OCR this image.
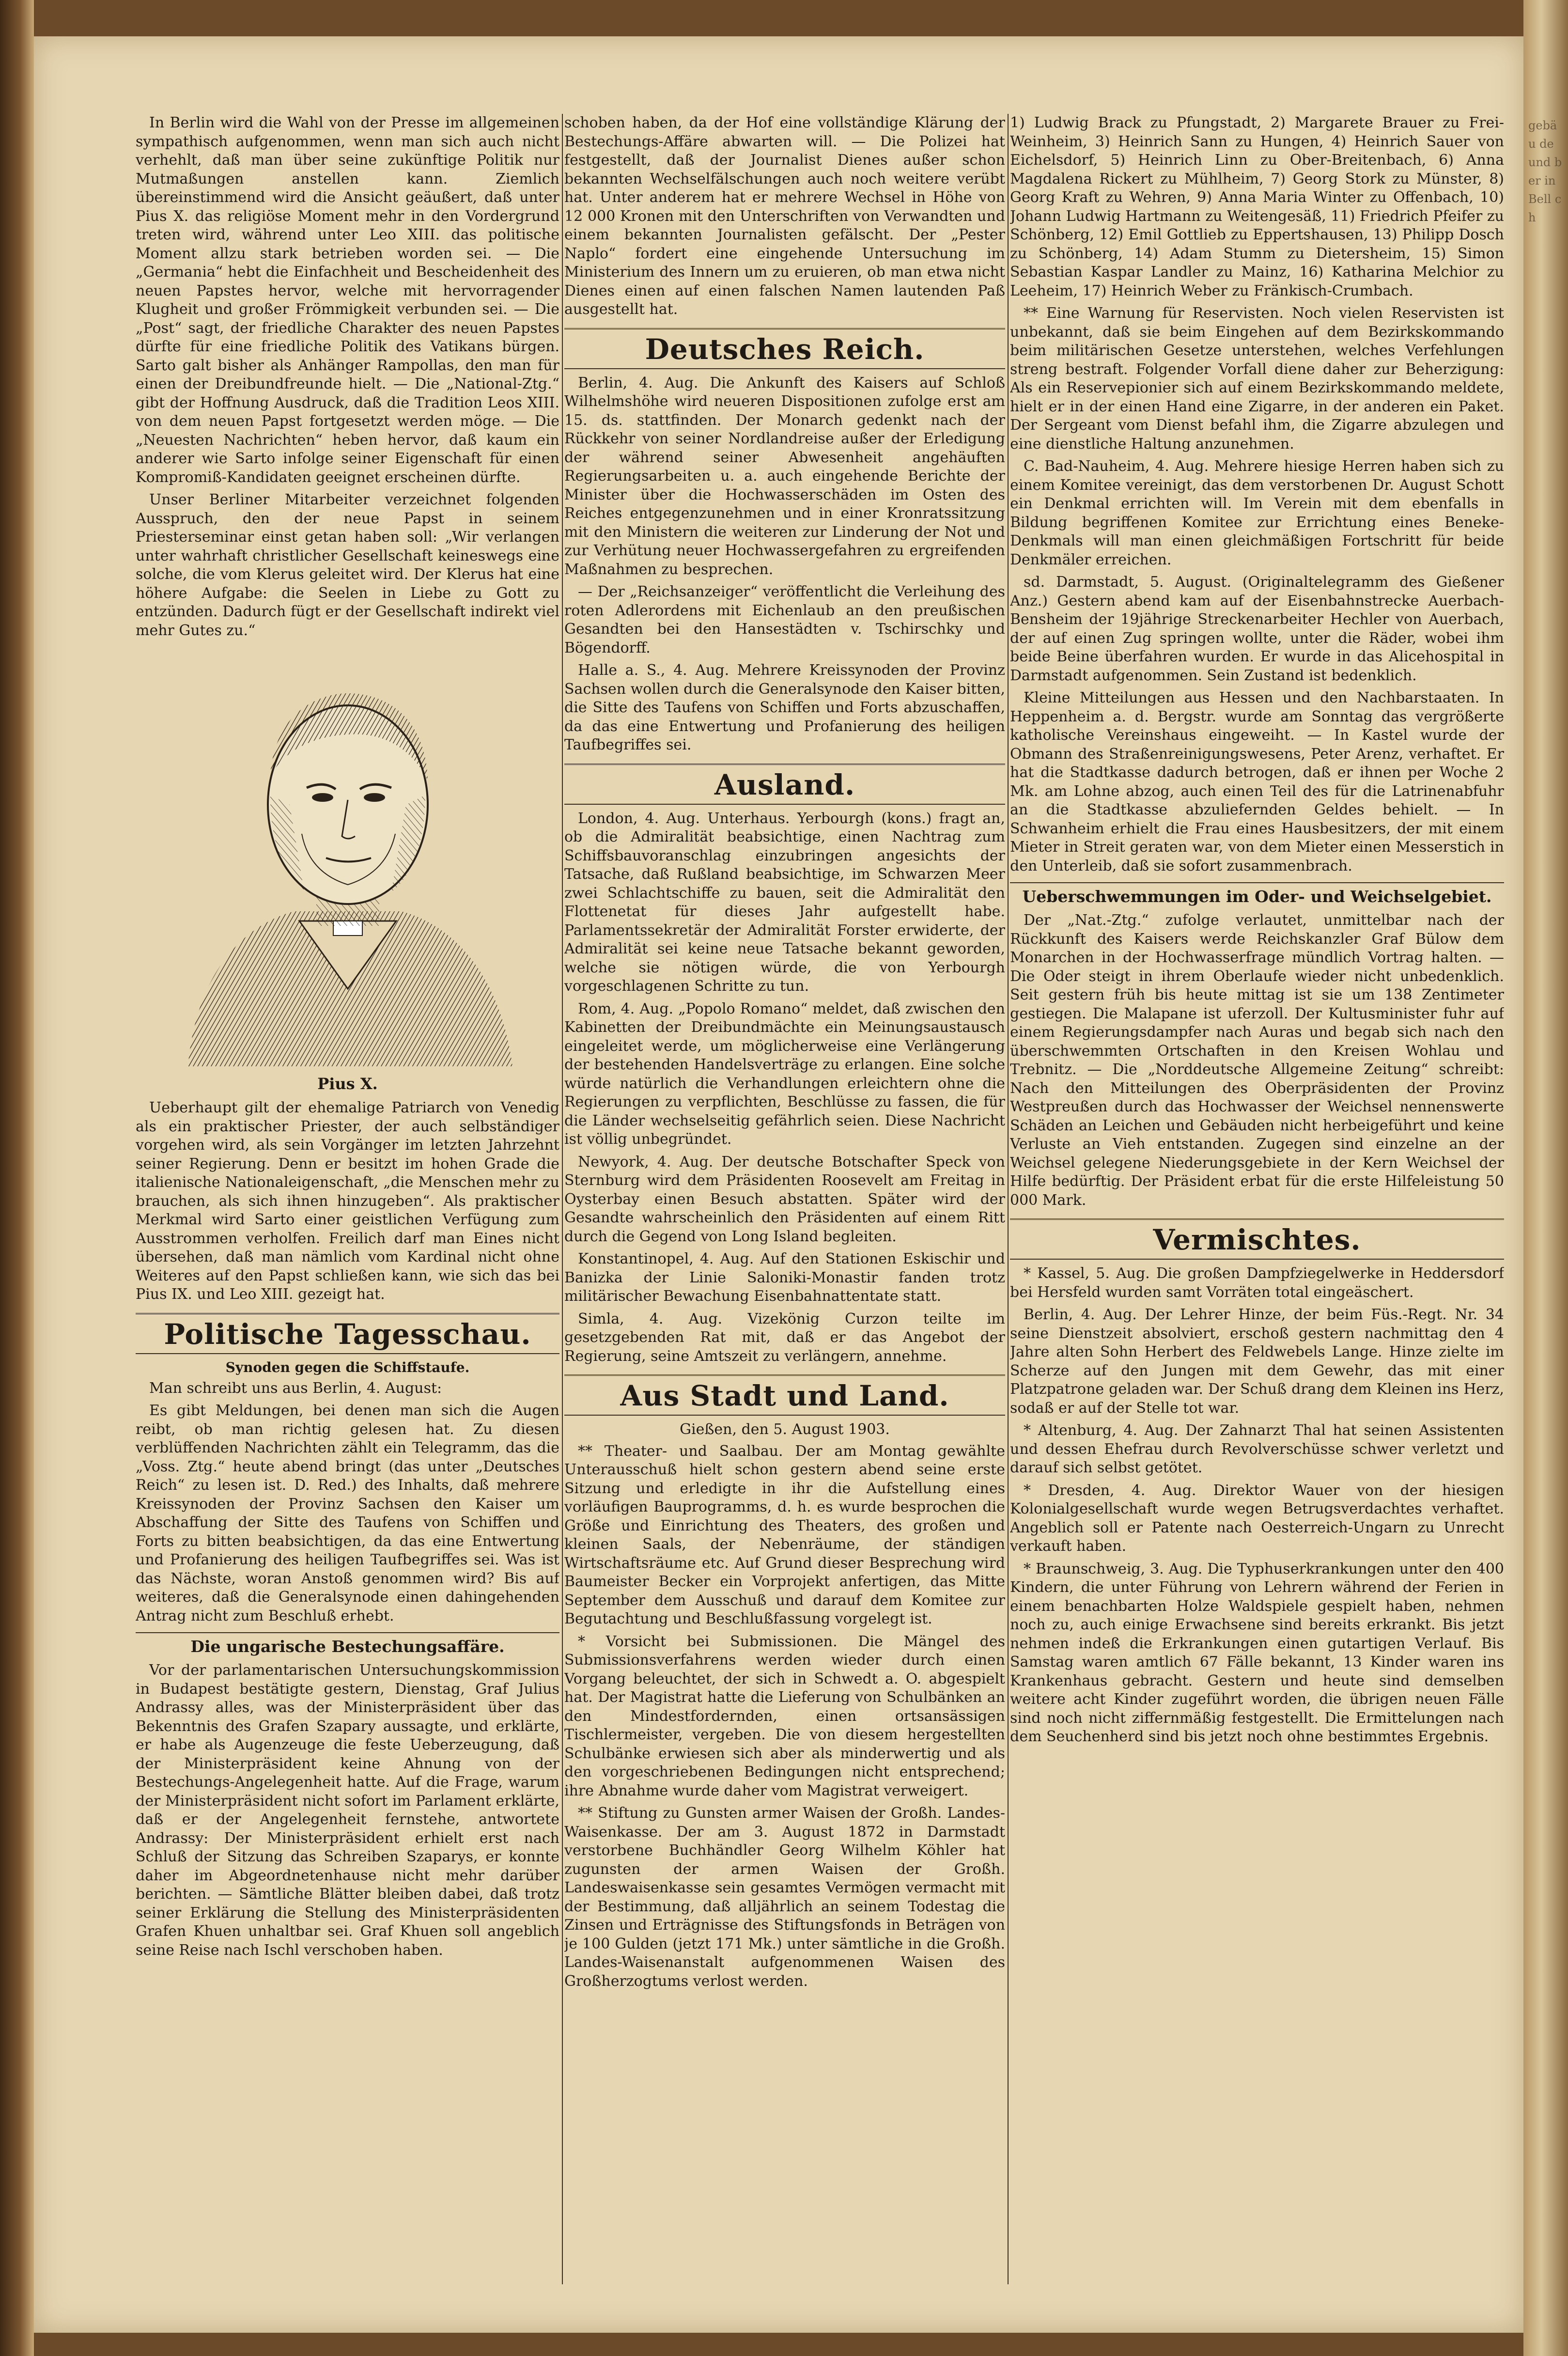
In Berlin wird die Wahl von der Presse im allgemeinen sympathisch aufgenommen, wenn man sich auch nicht verhehlt, daß man über seine zukünftige Politik nur Mutmaßungen anstellen kann. Ziemlich übereinstimmend wird die Ansicht geäußert, daß unter Pius X. das religiöse Moment mehr in den Vordergrund treten wird, während unter Leo XIII. das politische Moment allzu stark betrieben worden sei. — Die „Germania“ hebt die Einfachheit und Bescheidenheit des neuen Papstes hervor, welche mit hervorragender Klugheit und großer Frömmigkeit verbunden sei. — Die „Post“ sagt, der friedliche Charakter des neuen Papstes dürfte für eine friedliche Politik des Vatikans bürgen. Sarto galt bisher als Anhänger Rampollas, den man für einen der Dreibundfreunde hielt. — Die „National-Ztg.“ gibt der Hoffnung Ausdruck, daß die Tradition Leos XIII. von dem neuen Papst fortgesetzt werden möge. — Die „Neuesten Nachrichten“ heben hervor, daß kaum ein anderer wie Sarto infolge seiner Eigenschaft für einen Kompromiß-Kandidaten geeignet erscheinen dürfte.

Unser Berliner Mitarbeiter verzeichnet folgenden Ausspruch, den der neue Papst in seinem Priesterseminar einst getan haben soll: „Wir verlangen unter wahrhaft christlicher Gesellschaft keineswegs eine solche, die vom Klerus geleitet wird. Der Klerus hat eine höhere Aufgabe: die Seelen in Liebe zu Gott zu entzünden. Dadurch fügt er der Gesellschaft indirekt viel mehr Gutes zu.“

Pius X.

Ueberhaupt gilt der ehemalige Patriarch von Venedig als ein praktischer Priester, der auch selbständiger vorgehen wird, als sein Vorgänger im letzten Jahrzehnt seiner Regierung. Denn er besitzt im hohen Grade die italienische Nationaleigenschaft, „die Menschen mehr zu brauchen, als sich ihnen hinzugeben“. Als praktischer Merkmal wird Sarto einer geistlichen Verfügung zum Ausstrommen verholfen. Freilich darf man Eines nicht übersehen, daß man nämlich vom Kardinal nicht ohne Weiteres auf den Papst schließen kann, wie sich das bei Pius IX. und Leo XIII. gezeigt hat.

Politische Tagesschau.
Synoden gegen die Schiffstaufe.

Man schreibt uns aus Berlin, 4. August:

Es gibt Meldungen, bei denen man sich die Augen reibt, ob man richtig gelesen hat. Zu diesen verblüffenden Nachrichten zählt ein Telegramm, das die „Voss. Ztg.“ heute abend bringt (das unter „Deutsches Reich“ zu lesen ist. D. Red.) des Inhalts, daß mehrere Kreissynoden der Provinz Sachsen den Kaiser um Abschaffung der Sitte des Taufens von Schiffen und Forts zu bitten beabsichtigen, da das eine Entwertung und Profanierung des heiligen Taufbegriffes sei. Was ist das Nächste, woran Anstoß genommen wird? Bis auf weiteres, daß die Generalsynode einen dahingehenden Antrag nicht zum Beschluß erhebt.

Die ungarische Bestechungsaffäre.

Vor der parlamentarischen Untersuchungskommission in Budapest bestätigte gestern, Dienstag, Graf Julius Andrassy alles, was der Ministerpräsident über das Bekenntnis des Grafen Szapary aussagte, und erklärte, er habe als Augenzeuge die feste Ueberzeugung, daß der Ministerpräsident keine Ahnung von der Bestechungs-Angelegenheit hatte. Auf die Frage, warum der Ministerpräsident nicht sofort im Parlament erklärte, daß er der Angelegenheit fernstehe, antwortete Andrassy: Der Ministerpräsident erhielt erst nach Schluß der Sitzung das Schreiben Szaparys, er konnte daher im Abgeordnetenhause nicht mehr darüber berichten. — Sämtliche Blätter bleiben dabei, daß trotz seiner Erklärung die Stellung des Ministerpräsidenten Grafen Khuen unhaltbar sei. Graf Khuen soll angeblich seine Reise nach Ischl verschoben haben.

schoben haben, da der Hof eine vollständige Klärung der Bestechungs-Affäre abwarten will. — Die Polizei hat festgestellt, daß der Journalist Dienes außer schon bekannten Wechselfälschungen auch noch weitere verübt hat. Unter anderem hat er mehrere Wechsel in Höhe von 12 000 Kronen mit den Unterschriften von Verwandten und einem bekannten Journalisten gefälscht. Der „Pester Naplo“ fordert eine eingehende Untersuchung im Ministerium des Innern um zu eruieren, ob man etwa nicht Dienes einen auf einen falschen Namen lautenden Paß ausgestellt hat.

Deutsches Reich.

Berlin, 4. Aug. Die Ankunft des Kaisers auf Schloß Wilhelmshöhe wird neueren Dispositionen zufolge erst am 15. ds. stattfinden. Der Monarch gedenkt nach der Rückkehr von seiner Nordlandreise außer der Erledigung der während seiner Abwesenheit angehäuften Regierungsarbeiten u. a. auch eingehende Berichte der Minister über die Hochwasserschäden im Osten des Reiches entgegenzunehmen und in einer Kronratssitzung mit den Ministern die weiteren zur Linderung der Not und zur Verhütung neuer Hochwassergefahren zu ergreifenden Maßnahmen zu besprechen.

— Der „Reichsanzeiger“ veröffentlicht die Verleihung des roten Adlerordens mit Eichenlaub an den preußischen Gesandten bei den Hansestädten v. Tschirschky und Bögendorff.

Halle a. S., 4. Aug. Mehrere Kreissynoden der Provinz Sachsen wollen durch die Generalsynode den Kaiser bitten, die Sitte des Taufens von Schiffen und Forts abzuschaffen, da das eine Entwertung und Profanierung des heiligen Taufbegriffes sei.

Ausland.

London, 4. Aug. Unterhaus. Yerbourgh (kons.) fragt an, ob die Admiralität beabsichtige, einen Nachtrag zum Schiffsbauvoranschlag einzubringen angesichts der Tatsache, daß Rußland beabsichtige, im Schwarzen Meer zwei Schlachtschiffe zu bauen, seit die Admiralität den Flottenetat für dieses Jahr aufgestellt habe. Parlamentssekretär der Admiralität Forster erwiderte, der Admiralität sei keine neue Tatsache bekannt geworden, welche sie nötigen würde, die von Yerbourgh vorgeschlagenen Schritte zu tun.

Rom, 4. Aug. „Popolo Romano“ meldet, daß zwischen den Kabinetten der Dreibundmächte ein Meinungsaustausch eingeleitet werde, um möglicherweise eine Verlängerung der bestehenden Handelsverträge zu erlangen. Eine solche würde natürlich die Verhandlungen erleichtern ohne die Regierungen zu verpflichten, Beschlüsse zu fassen, die für die Länder wechselseitig gefährlich seien. Diese Nachricht ist völlig unbegründet.

Newyork, 4. Aug. Der deutsche Botschafter Speck von Sternburg wird dem Präsidenten Roosevelt am Freitag in Oysterbay einen Besuch abstatten. Später wird der Gesandte wahrscheinlich den Präsidenten auf einem Ritt durch die Gegend von Long Island begleiten.

Konstantinopel, 4. Aug. Auf den Stationen Eskischir und Banizka der Linie Saloniki-Monastir fanden trotz militärischer Bewachung Eisenbahnattentate statt.

Simla, 4. Aug. Vizekönig Curzon teilte im gesetzgebenden Rat mit, daß er das Angebot der Regierung, seine Amtszeit zu verlängern, annehme.

Aus Stadt und Land.
Gießen, den 5. August 1903.

** Theater- und Saalbau. Der am Montag gewählte Unterausschuß hielt schon gestern abend seine erste Sitzung und erledigte in ihr die Aufstellung eines vorläufigen Bauprogramms, d. h. es wurde besprochen die Größe und Einrichtung des Theaters, des großen und kleinen Saals, der Nebenräume, der ständigen Wirtschaftsräume etc. Auf Grund dieser Besprechung wird Baumeister Becker ein Vorprojekt anfertigen, das Mitte September dem Ausschuß und darauf dem Komitee zur Begutachtung und Beschlußfassung vorgelegt ist.

* Vorsicht bei Submissionen. Die Mängel des Submissionsverfahrens werden wieder durch einen Vorgang beleuchtet, der sich in Schwedt a. O. abgespielt hat. Der Magistrat hatte die Lieferung von Schulbänken an den Mindestfordernden, einen ortsansässigen Tischlermeister, vergeben. Die von diesem hergestellten Schulbänke erwiesen sich aber als minderwertig und als den vorgeschriebenen Bedingungen nicht entsprechend; ihre Abnahme wurde daher vom Magistrat verweigert.

** Stiftung zu Gunsten armer Waisen der Großh. Landes-Waisenkasse. Der am 3. August 1872 in Darmstadt verstorbene Buchhändler Georg Wilhelm Köhler hat zugunsten der armen Waisen der Großh. Landeswaisenkasse sein gesamtes Vermögen vermacht mit der Bestimmung, daß alljährlich an seinem Todestag die Zinsen und Erträgnisse des Stiftungsfonds in Beträgen von je 100 Gulden (jetzt 171 Mk.) unter sämtliche in die Großh. Landes-Waisenanstalt aufgenommenen Waisen des Großherzogtums verlost werden.

1) Ludwig Brack zu Pfungstadt, 2) Margarete Brauer zu Frei-Weinheim, 3) Heinrich Sann zu Hungen, 4) Heinrich Sauer von Eichelsdorf, 5) Heinrich Linn zu Ober-Breitenbach, 6) Anna Magdalena Rickert zu Mühlheim, 7) Georg Stork zu Münster, 8) Georg Kraft zu Wehren, 9) Anna Maria Winter zu Offenbach, 10) Johann Ludwig Hartmann zu Weitengesäß, 11) Friedrich Pfeifer zu Schönberg, 12) Emil Gottlieb zu Eppertshausen, 13) Philipp Dosch zu Schönberg, 14) Adam Stumm zu Dietersheim, 15) Simon Sebastian Kaspar Landler zu Mainz, 16) Katharina Melchior zu Leeheim, 17) Heinrich Weber zu Fränkisch-Crumbach.

** Eine Warnung für Reservisten. Noch vielen Reservisten ist unbekannt, daß sie beim Eingehen auf dem Bezirkskommando beim militärischen Gesetze unterstehen, welches Verfehlungen streng bestraft. Folgender Vorfall diene daher zur Beherzigung: Als ein Reservepionier sich auf einem Bezirkskommando meldete, hielt er in der einen Hand eine Zigarre, in der anderen ein Paket. Der Sergeant vom Dienst befahl ihm, die Zigarre abzulegen und eine dienstliche Haltung anzunehmen.

C. Bad-Nauheim, 4. Aug. Mehrere hiesige Herren haben sich zu einem Komitee vereinigt, das dem verstorbenen Dr. August Schott ein Denkmal errichten will. Im Verein mit dem ebenfalls in Bildung begriffenen Komitee zur Errichtung eines Beneke-Denkmals will man einen gleichmäßigen Fortschritt für beide Denkmäler erreichen.

sd. Darmstadt, 5. August. (Originaltelegramm des Gießener Anz.) Gestern abend kam auf der Eisenbahnstrecke Auerbach-Bensheim der 19jährige Streckenarbeiter Hechler von Auerbach, der auf einen Zug springen wollte, unter die Räder, wobei ihm beide Beine überfahren wurden. Er wurde in das Alicehospital in Darmstadt aufgenommen. Sein Zustand ist bedenklich.

Kleine Mitteilungen aus Hessen und den Nachbarstaaten. In Heppenheim a. d. Bergstr. wurde am Sonntag das vergrößerte katholische Vereinshaus eingeweiht. — In Kastel wurde der Obmann des Straßenreinigungswesens, Peter Arenz, verhaftet. Er hat die Stadtkasse dadurch betrogen, daß er ihnen per Woche 2 Mk. am Lohne abzog, auch einen Teil des für die Latrinenabfuhr an die Stadtkasse abzuliefernden Geldes behielt. — In Schwanheim erhielt die Frau eines Hausbesitzers, der mit einem Mieter in Streit geraten war, von dem Mieter einen Messerstich in den Unterleib, daß sie sofort zusammenbrach.

Ueberschwemmungen im Oder- und Weichselgebiet.

Der „Nat.-Ztg.“ zufolge verlautet, unmittelbar nach der Rückkunft des Kaisers werde Reichskanzler Graf Bülow dem Monarchen in der Hochwasserfrage mündlich Vortrag halten. — Die Oder steigt in ihrem Oberlaufe wieder nicht unbedenklich. Seit gestern früh bis heute mittag ist sie um 138 Zentimeter gestiegen. Die Malapane ist uferzoll. Der Kultusminister fuhr auf einem Regierungsdampfer nach Auras und begab sich nach den überschwemmten Ortschaften in den Kreisen Wohlau und Trebnitz. — Die „Norddeutsche Allgemeine Zeitung“ schreibt: Nach den Mitteilungen des Oberpräsidenten der Provinz Westpreußen durch das Hochwasser der Weichsel nennenswerte Schäden an Leichen und Gebäuden nicht herbeigeführt und keine Verluste an Vieh entstanden. Zugegen sind einzelne an der Weichsel gelegene Niederungsgebiete in der Kern Weichsel der Hilfe bedürftig. Der Präsident erbat für die erste Hilfeleistung 50 000 Mark.

Vermischtes.

* Kassel, 5. Aug. Die großen Dampfziegelwerke in Heddersdorf bei Hersfeld wurden samt Vorräten total eingeäschert.

Berlin, 4. Aug. Der Lehrer Hinze, der beim Füs.-Regt. Nr. 34 seine Dienstzeit absolviert, erschoß gestern nachmittag den 4 Jahre alten Sohn Herbert des Feldwebels Lange. Hinze zielte im Scherze auf den Jungen mit dem Gewehr, das mit einer Platzpatrone geladen war. Der Schuß drang dem Kleinen ins Herz, sodaß er auf der Stelle tot war.

* Altenburg, 4. Aug. Der Zahnarzt Thal hat seinen Assistenten und dessen Ehefrau durch Revolverschüsse schwer verletzt und darauf sich selbst getötet.

* Dresden, 4. Aug. Direktor Wauer von der hiesigen Kolonialgesellschaft wurde wegen Betrugsverdachtes verhaftet. Angeblich soll er Patente nach Oesterreich-Ungarn zu Unrecht verkauft haben.

* Braunschweig, 3. Aug. Die Typhuserkrankungen unter den 400 Kindern, die unter Führung von Lehrern während der Ferien in einem benachbarten Holze Waldspiele gespielt haben, nehmen noch zu, auch einige Erwachsene sind bereits erkrankt. Bis jetzt nehmen indeß die Erkrankungen einen gutartigen Verlauf. Bis Samstag waren amtlich 67 Fälle bekannt, 13 Kinder waren ins Krankenhaus gebracht. Gestern und heute sind demselben weitere acht Kinder zugeführt worden, die übrigen neuen Fälle sind noch nicht ziffernmäßig festgestellt. Die Ermittelungen nach dem Seuchenherd sind bis jetzt noch ohne bestimmtes Ergebnis.

gebäu de und ber in Bell ch
